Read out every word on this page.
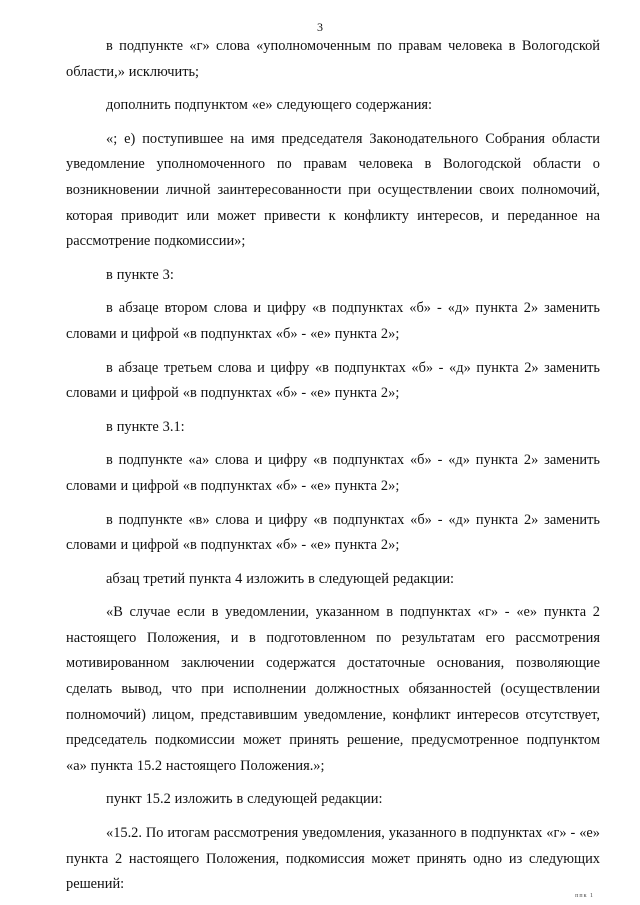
3

в подпункте «г» слова «уполномоченным по правам человека в Вологодской области,» исключить;

дополнить подпунктом «е» следующего содержания:

«; е) поступившее на имя председателя Законодательного Собрания области уведомление уполномоченного по правам человека в Вологодской области о возникновении личной заинтересованности при осуществлении своих полномочий, которая приводит или может привести к конфликту интересов, и переданное на рассмотрение подкомиссии»;

в пункте 3:

в абзаце втором слова и цифру «в подпунктах «б» - «д» пункта 2» заменить словами и цифрой «в подпунктах «б» - «е» пункта 2»;

в абзаце третьем слова и цифру «в подпунктах «б» - «д» пункта 2» заменить словами и цифрой «в подпунктах «б» - «е» пункта 2»;

в пункте 3.1:

в подпункте «а» слова и цифру «в подпунктах «б» - «д» пункта 2» заменить словами и цифрой «в подпунктах «б» - «е» пункта 2»;

в подпункте «в» слова и цифру «в подпунктах «б» - «д» пункта 2» заменить словами и цифрой «в подпунктах «б» - «е» пункта 2»;

абзац третий пункта 4 изложить в следующей редакции:

«В случае если в уведомлении, указанном в подпунктах «г» - «е» пункта 2 настоящего Положения, и в подготовленном по результатам его рассмотрения мотивированном заключении содержатся достаточные основания, позволяющие сделать вывод, что при исполнении должностных обязанностей (осуществлении полномочий) лицом, представившим уведомление, конфликт интересов отсутствует, председатель подкомиссии может принять решение, предусмотренное подпунктом «а» пункта 15.2 настоящего Положения.»;

пункт 15.2 изложить в следующей редакции:

«15.2. По итогам рассмотрения уведомления, указанного в подпунктах «г» - «е» пункта 2 настоящего Положения, подкомиссия может принять одно из следующих решений:

ппк 1
